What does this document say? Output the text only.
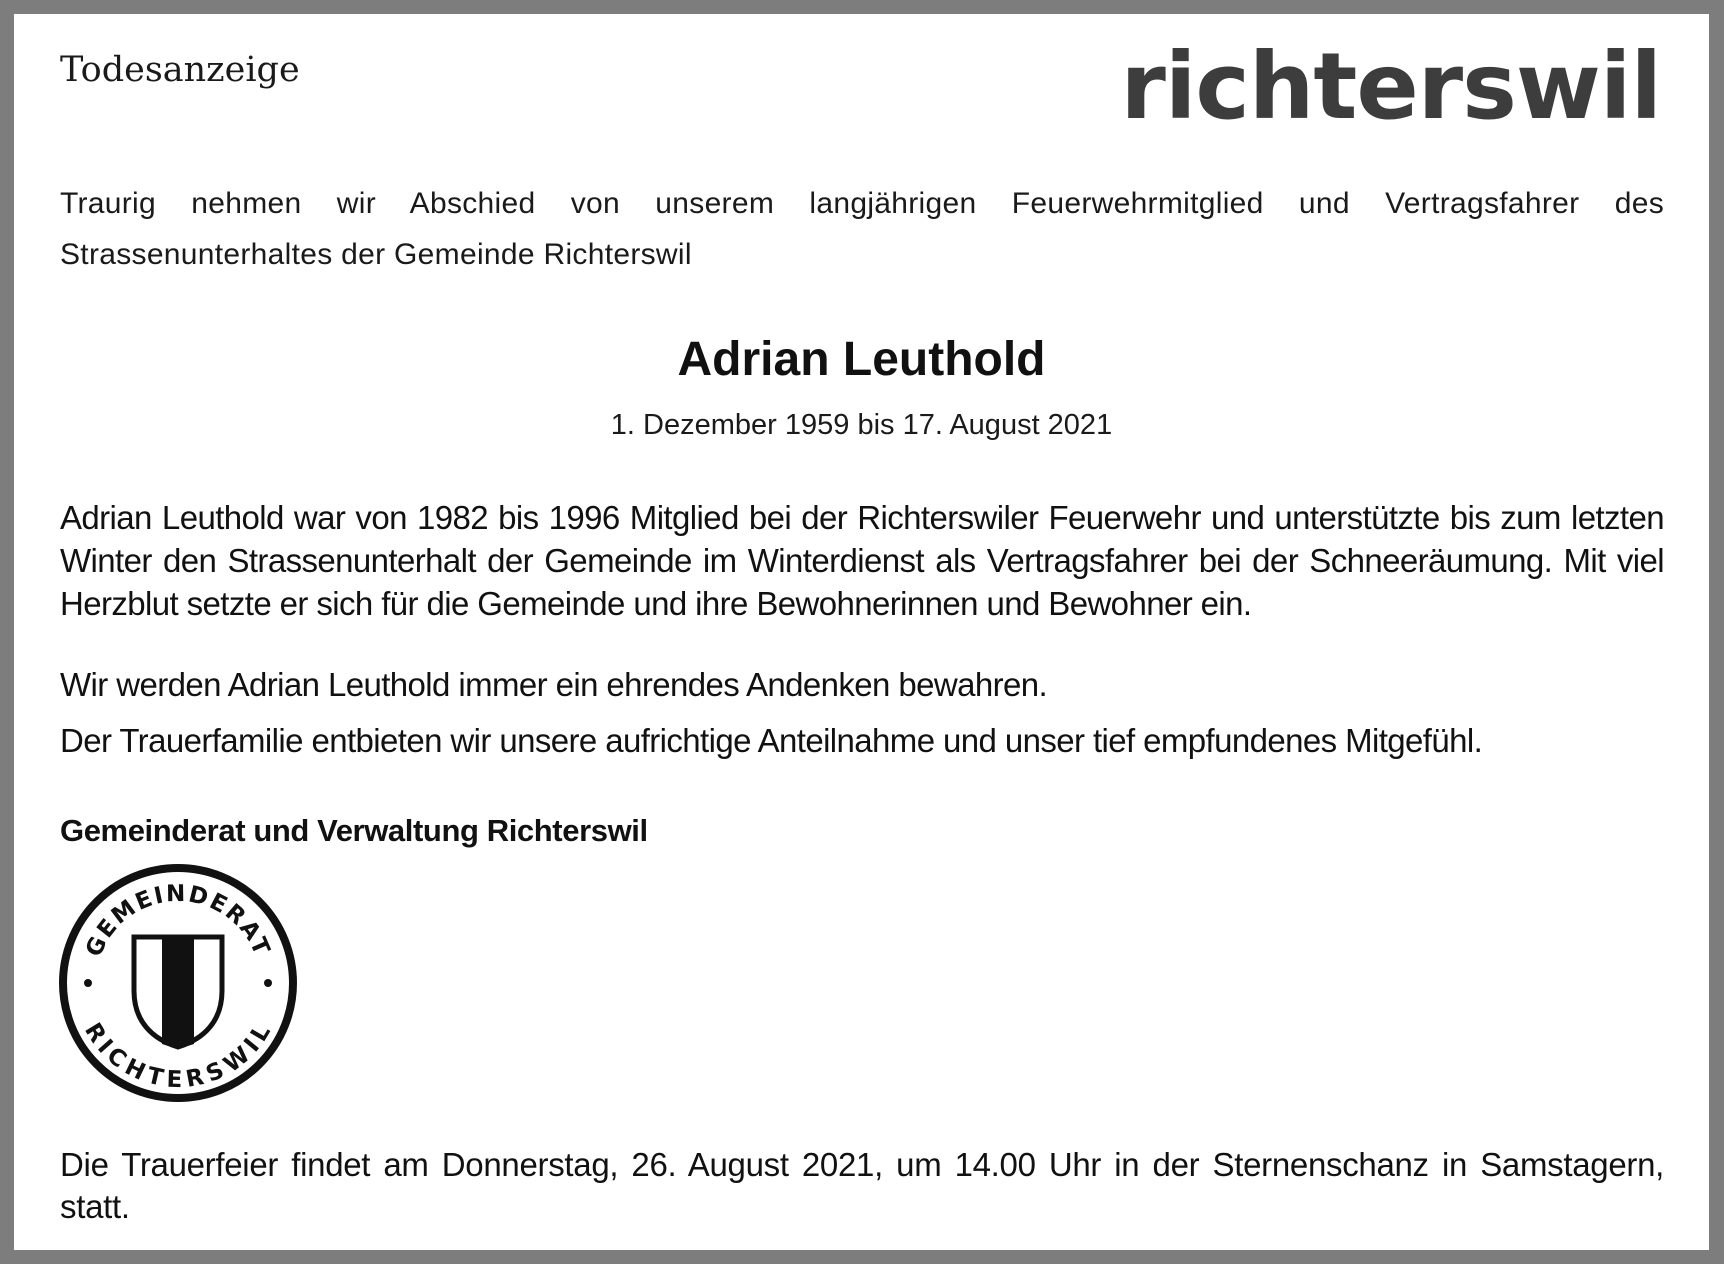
Todesanzeige	richterswil
Traurig nehmen wir Abschied von unserem langjährigen Feuerwehrmitglied und Vertragsfahrer des Strassenunterhaltes der Gemeinde Richterswil
Adrian Leuthold
1. Dezember 1959 bis 17. August 2021
Adrian Leuthold war von 1982 bis 1996 Mitglied bei der Richterswiler Feuerwehr und unterstützte bis zum letzten Winter den Strassenunterhalt der Gemeinde im Winterdienst als Vertragsfahrer bei der Schneeräumung. Mit viel Herzblut setzte er sich für die Gemeinde und ihre Bewohnerinnen und Bewohner ein.
Wir werden Adrian Leuthold immer ein ehrendes Andenken bewahren.
Der Trauerfamilie entbieten wir unsere aufrichtige Anteilnahme und unser tief empfundenes Mitgefühl.
Gemeinderat und Verwaltung Richterswil
GEMEINDERAT
RICHTERSWIL
Die Trauerfeier findet am Donnerstag, 26. August 2021, um 14.00 Uhr in der Sternenschanz in Samstagern, statt.
